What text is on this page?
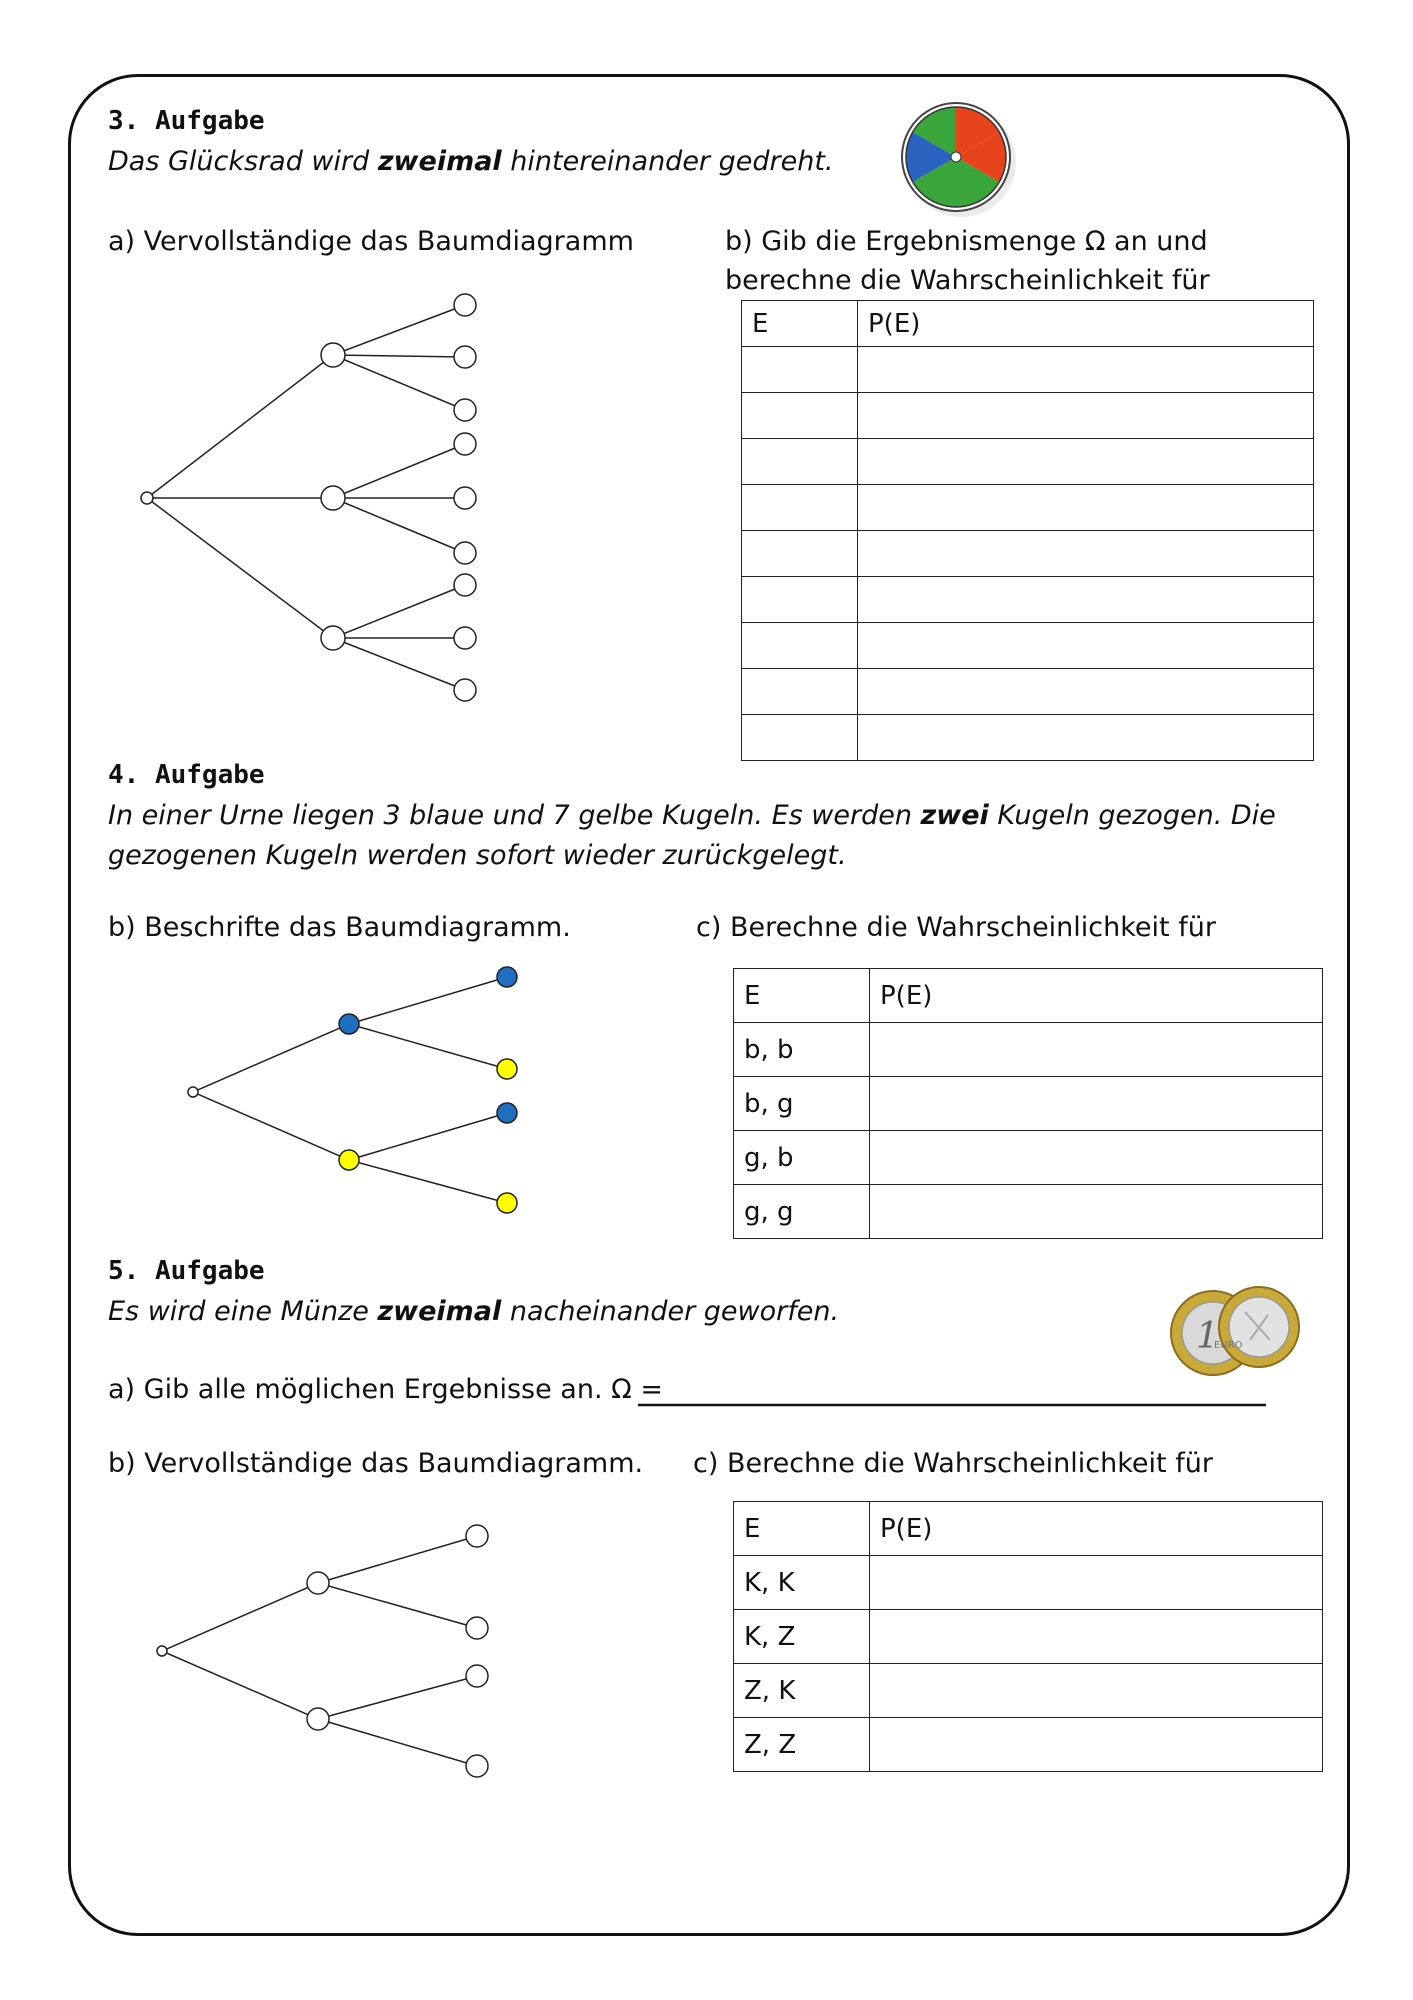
3. Aufgabe
Das Glücksrad wird zweimal hintereinander gedreht.
1
a) Vervollständige das Baumdiagramm	b) Gib die Ergebnismenge Ω an und
berechne die Wahrscheinlichkeit für
E	P(E)

4. Aufgabe
In einer Urne liegen 3 blaue und 7 gelbe Kugeln. Es werden zwei Kugeln gezogen. Die
gezogenen Kugeln werden sofort wieder zurückgelegt.
b) Beschrifte das Baumdiagramm.	c) Berechne die Wahrscheinlichkeit für
E	P(E)
b, b	
b, g	
g, b	
g, g	
5. Aufgabe
Es wird eine Münze zweimal nacheinander geworfen.
a) Gib alle möglichen Ergebnisse an. Ω =
b) Vervollständige das Baumdiagramm. c) Berechne die Wahrscheinlichkeit für
EURO
E	P(E)
K, K	
K, Z	
Z, K	
Z, Z	
